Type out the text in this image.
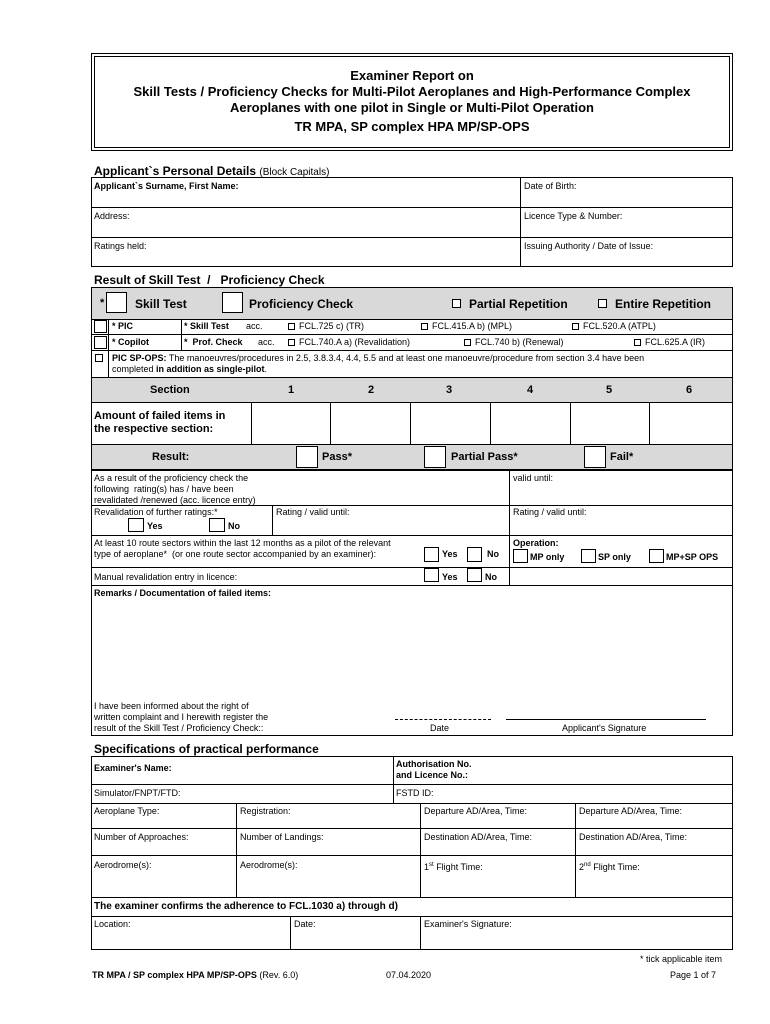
Examiner Report on
Skill Tests / Proficiency Checks for Multi-Pilot Aeroplanes and High-Performance Complex
Aeroplanes with one pilot in Single or Multi-Pilot Operation
TR MPA, SP complex HPA MP/SP-OPS
Applicant`s Personal Details (Block Capitals)
Applicant`s Surname, First Name:	Date of Birth:
Address:	Licence Type & Number:
Ratings held:	Issuing Authority / Date of Issue:
Result of Skill Test  /   Proficiency Check
*	Skill Test	Proficiency Check	Partial Repetition	Entire Repetition
* PIC	* Skill Test acc.	FCL.725 c) (TR)	FCL.415.A b) (MPL)	FCL.520.A (ATPL)
* Copilot	*  Prof. Check acc.	FCL.740.A a) (Revalidation)	FCL.740 b) (Renewal)	FCL.625.A (IR)
PIC SP-OPS: The manoeuvres/procedures in 2.5, 3.8.3.4, 4.4, 5.5 and at least one manoeuvre/procedure from section 3.4 have been
completed in addition as single-pilot.
Section	1	2	3	4	5	6
Amount of failed items in
the respective section:
Result:	Pass*	Partial Pass*	Fail*
As a result of the proficiency check the
following  rating(s) has / have been
revalidated /renewed (acc. licence entry)
valid until:
Revalidation of further ratings:*
Yes	No
Rating / valid until:	Rating / valid until:
At least 10 route sectors within the last 12 months as a pilot of the relevant
type of aeroplane*  (or one route sector accompanied by an examiner):	Yes	No
Operation:
MP only	SP only	MP+SP OPS
Manual revalidation entry in licence:	Yes	No
Remarks / Documentation of failed items:
I have been informed about the right of
written complaint and I herewith register the
result of the Skill Test / Proficiency Check::	Date	Applicant's Signature
Specifications of practical performance
Examiner's Name:	Authorisation No.
and Licence No.:
Simulator/FNPT/FTD:	FSTD ID:
Aeroplane Type:	Registration:	Departure AD/Area, Time:	Departure AD/Area, Time:
Number of Approaches:	Number of Landings:	Destination AD/Area, Time:	Destination AD/Area, Time:
Aerodrome(s):	Aerodrome(s):	1st Flight Time:	2nd Flight Time:
The examiner confirms the adherence to FCL.1030 a) through d)
Location:	Date:	Examiner's Signature:
* tick applicable item
TR MPA / SP complex HPA MP/SP-OPS (Rev. 6.0)	07.04.2020	Page 1 of 7
